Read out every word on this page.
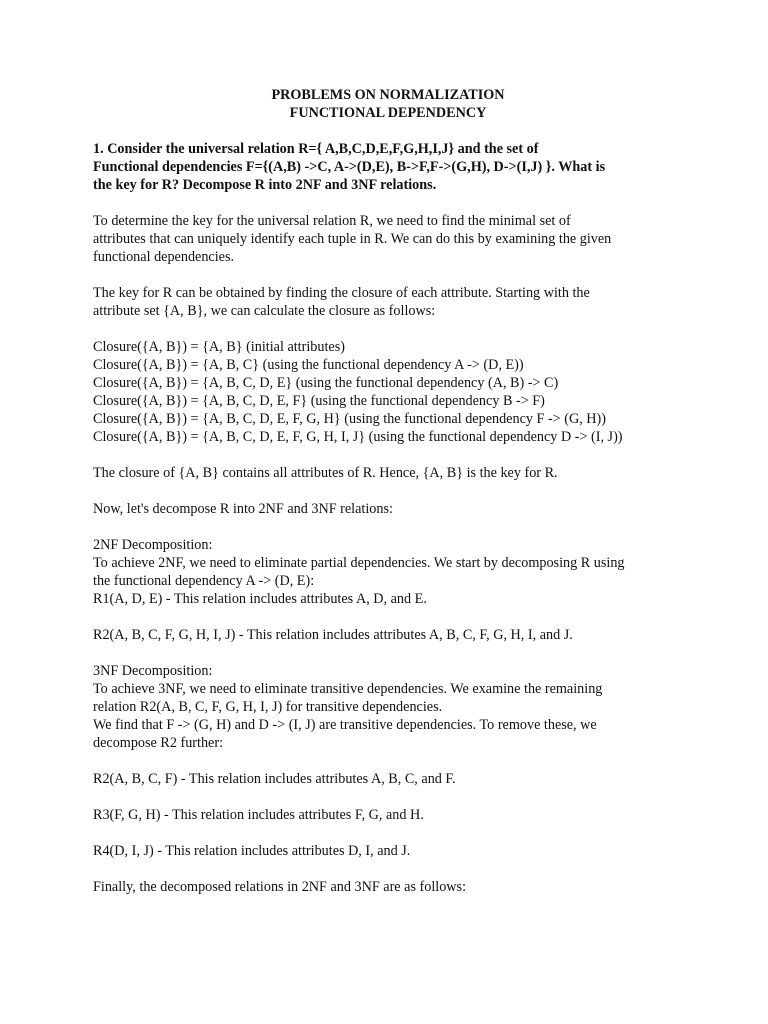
PROBLEMS ON NORMALIZATION
FUNCTIONAL DEPENDENCY
1. Consider the universal relation R={ A,B,C,D,E,F,G,H,I,J} and the set of
Functional dependencies F={(A,B) ->C, A->(D,E), B->F,F->(G,H), D->(I,J) }. What is
the key for R? Decompose R into 2NF and 3NF relations.
To determine the key for the universal relation R, we need to find the minimal set of
attributes that can uniquely identify each tuple in R. We can do this by examining the given
functional dependencies.
The key for R can be obtained by finding the closure of each attribute. Starting with the
attribute set {A, B}, we can calculate the closure as follows:
Closure({A, B}) = {A, B} (initial attributes)
Closure({A, B}) = {A, B, C} (using the functional dependency A -> (D, E))
Closure({A, B}) = {A, B, C, D, E} (using the functional dependency (A, B) -> C)
Closure({A, B}) = {A, B, C, D, E, F} (using the functional dependency B -> F)
Closure({A, B}) = {A, B, C, D, E, F, G, H} (using the functional dependency F -> (G, H))
Closure({A, B}) = {A, B, C, D, E, F, G, H, I, J} (using the functional dependency D -> (I, J))
The closure of {A, B} contains all attributes of R. Hence, {A, B} is the key for R.
Now, let's decompose R into 2NF and 3NF relations:
2NF Decomposition:
To achieve 2NF, we need to eliminate partial dependencies. We start by decomposing R using
the functional dependency A -> (D, E):
R1(A, D, E) - This relation includes attributes A, D, and E.
R2(A, B, C, F, G, H, I, J) - This relation includes attributes A, B, C, F, G, H, I, and J.
3NF Decomposition:
To achieve 3NF, we need to eliminate transitive dependencies. We examine the remaining
relation R2(A, B, C, F, G, H, I, J) for transitive dependencies.
We find that F -> (G, H) and D -> (I, J) are transitive dependencies. To remove these, we
decompose R2 further:
R2(A, B, C, F) - This relation includes attributes A, B, C, and F.
R3(F, G, H) - This relation includes attributes F, G, and H.
R4(D, I, J) - This relation includes attributes D, I, and J.
Finally, the decomposed relations in 2NF and 3NF are as follows:
